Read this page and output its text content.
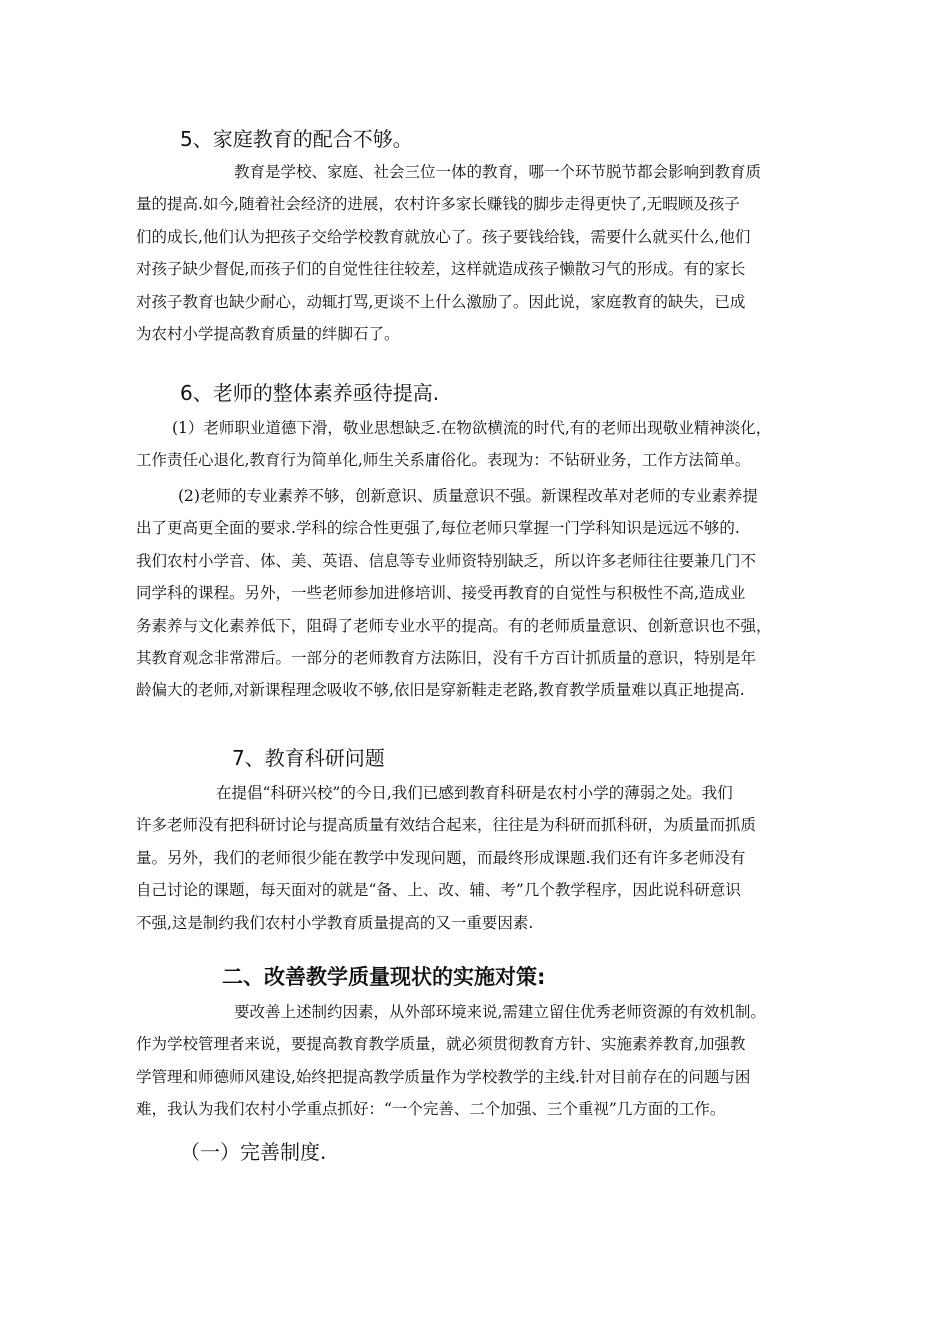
5、家庭教育的配合不够。
教育是学校、家庭、社会三位一体的教育，哪一个环节脱节都会影响到教育质
量的提高.如今,随着社会经济的进展，农村许多家长赚钱的脚步走得更快了,无暇顾及孩子
们的成长,他们认为把孩子交给学校教育就放心了。孩子要钱给钱，需要什么就买什么,他们
对孩子缺少督促,而孩子们的自觉性往往较差，这样就造成孩子懒散习气的形成。有的家长
对孩子教育也缺少耐心，动辄打骂,更谈不上什么激励了。因此说，家庭教育的缺失，已成
为农村小学提高教育质量的绊脚石了。
6、老师的整体素养亟待提高.
(1）老师职业道德下滑，敬业思想缺乏.在物欲横流的时代,有的老师出现敬业精神淡化，
工作责任心退化,教育行为简单化,师生关系庸俗化。表现为：不钻研业务，工作方法简单。
(2)老师的专业素养不够，创新意识、质量意识不强。新课程改革对老师的专业素养提
出了更高更全面的要求.学科的综合性更强了,每位老师只掌握一门学科知识是远远不够的.
我们农村小学音、体、美、英语、信息等专业师资特别缺乏，所以许多老师往往要兼几门不
同学科的课程。另外，一些老师参加进修培训、接受再教育的自觉性与积极性不高,造成业
务素养与文化素养低下，阻碍了老师专业水平的提高。有的老师质量意识、创新意识也不强，
其教育观念非常滞后。一部分的老师教育方法陈旧，没有千方百计抓质量的意识，特别是年
龄偏大的老师,对新课程理念吸收不够,依旧是穿新鞋走老路,教育教学质量难以真正地提高.
7、教育科研问题
在提倡“科研兴校”的今日,我们已感到教育科研是农村小学的薄弱之处。我们
许多老师没有把科研讨论与提高质量有效结合起来，往往是为科研而抓科研，为质量而抓质
量。另外，我们的老师很少能在教学中发现问题，而最终形成课题.我们还有许多老师没有
自己讨论的课题，每天面对的就是“备、上、改、辅、考”几个教学程序，因此说科研意识
不强,这是制约我们农村小学教育质量提高的又一重要因素.
二、改善教学质量现状的实施对策:
要改善上述制约因素，从外部环境来说,需建立留住优秀老师资源的有效机制。
作为学校管理者来说，要提高教育教学质量，就必须贯彻教育方针、实施素养教育,加强教
学管理和师德师风建设,始终把提高教学质量作为学校教学的主线.针对目前存在的问题与困
难，我认为我们农村小学重点抓好：“一个完善、二个加强、三个重视”几方面的工作。
（一）完善制度.
